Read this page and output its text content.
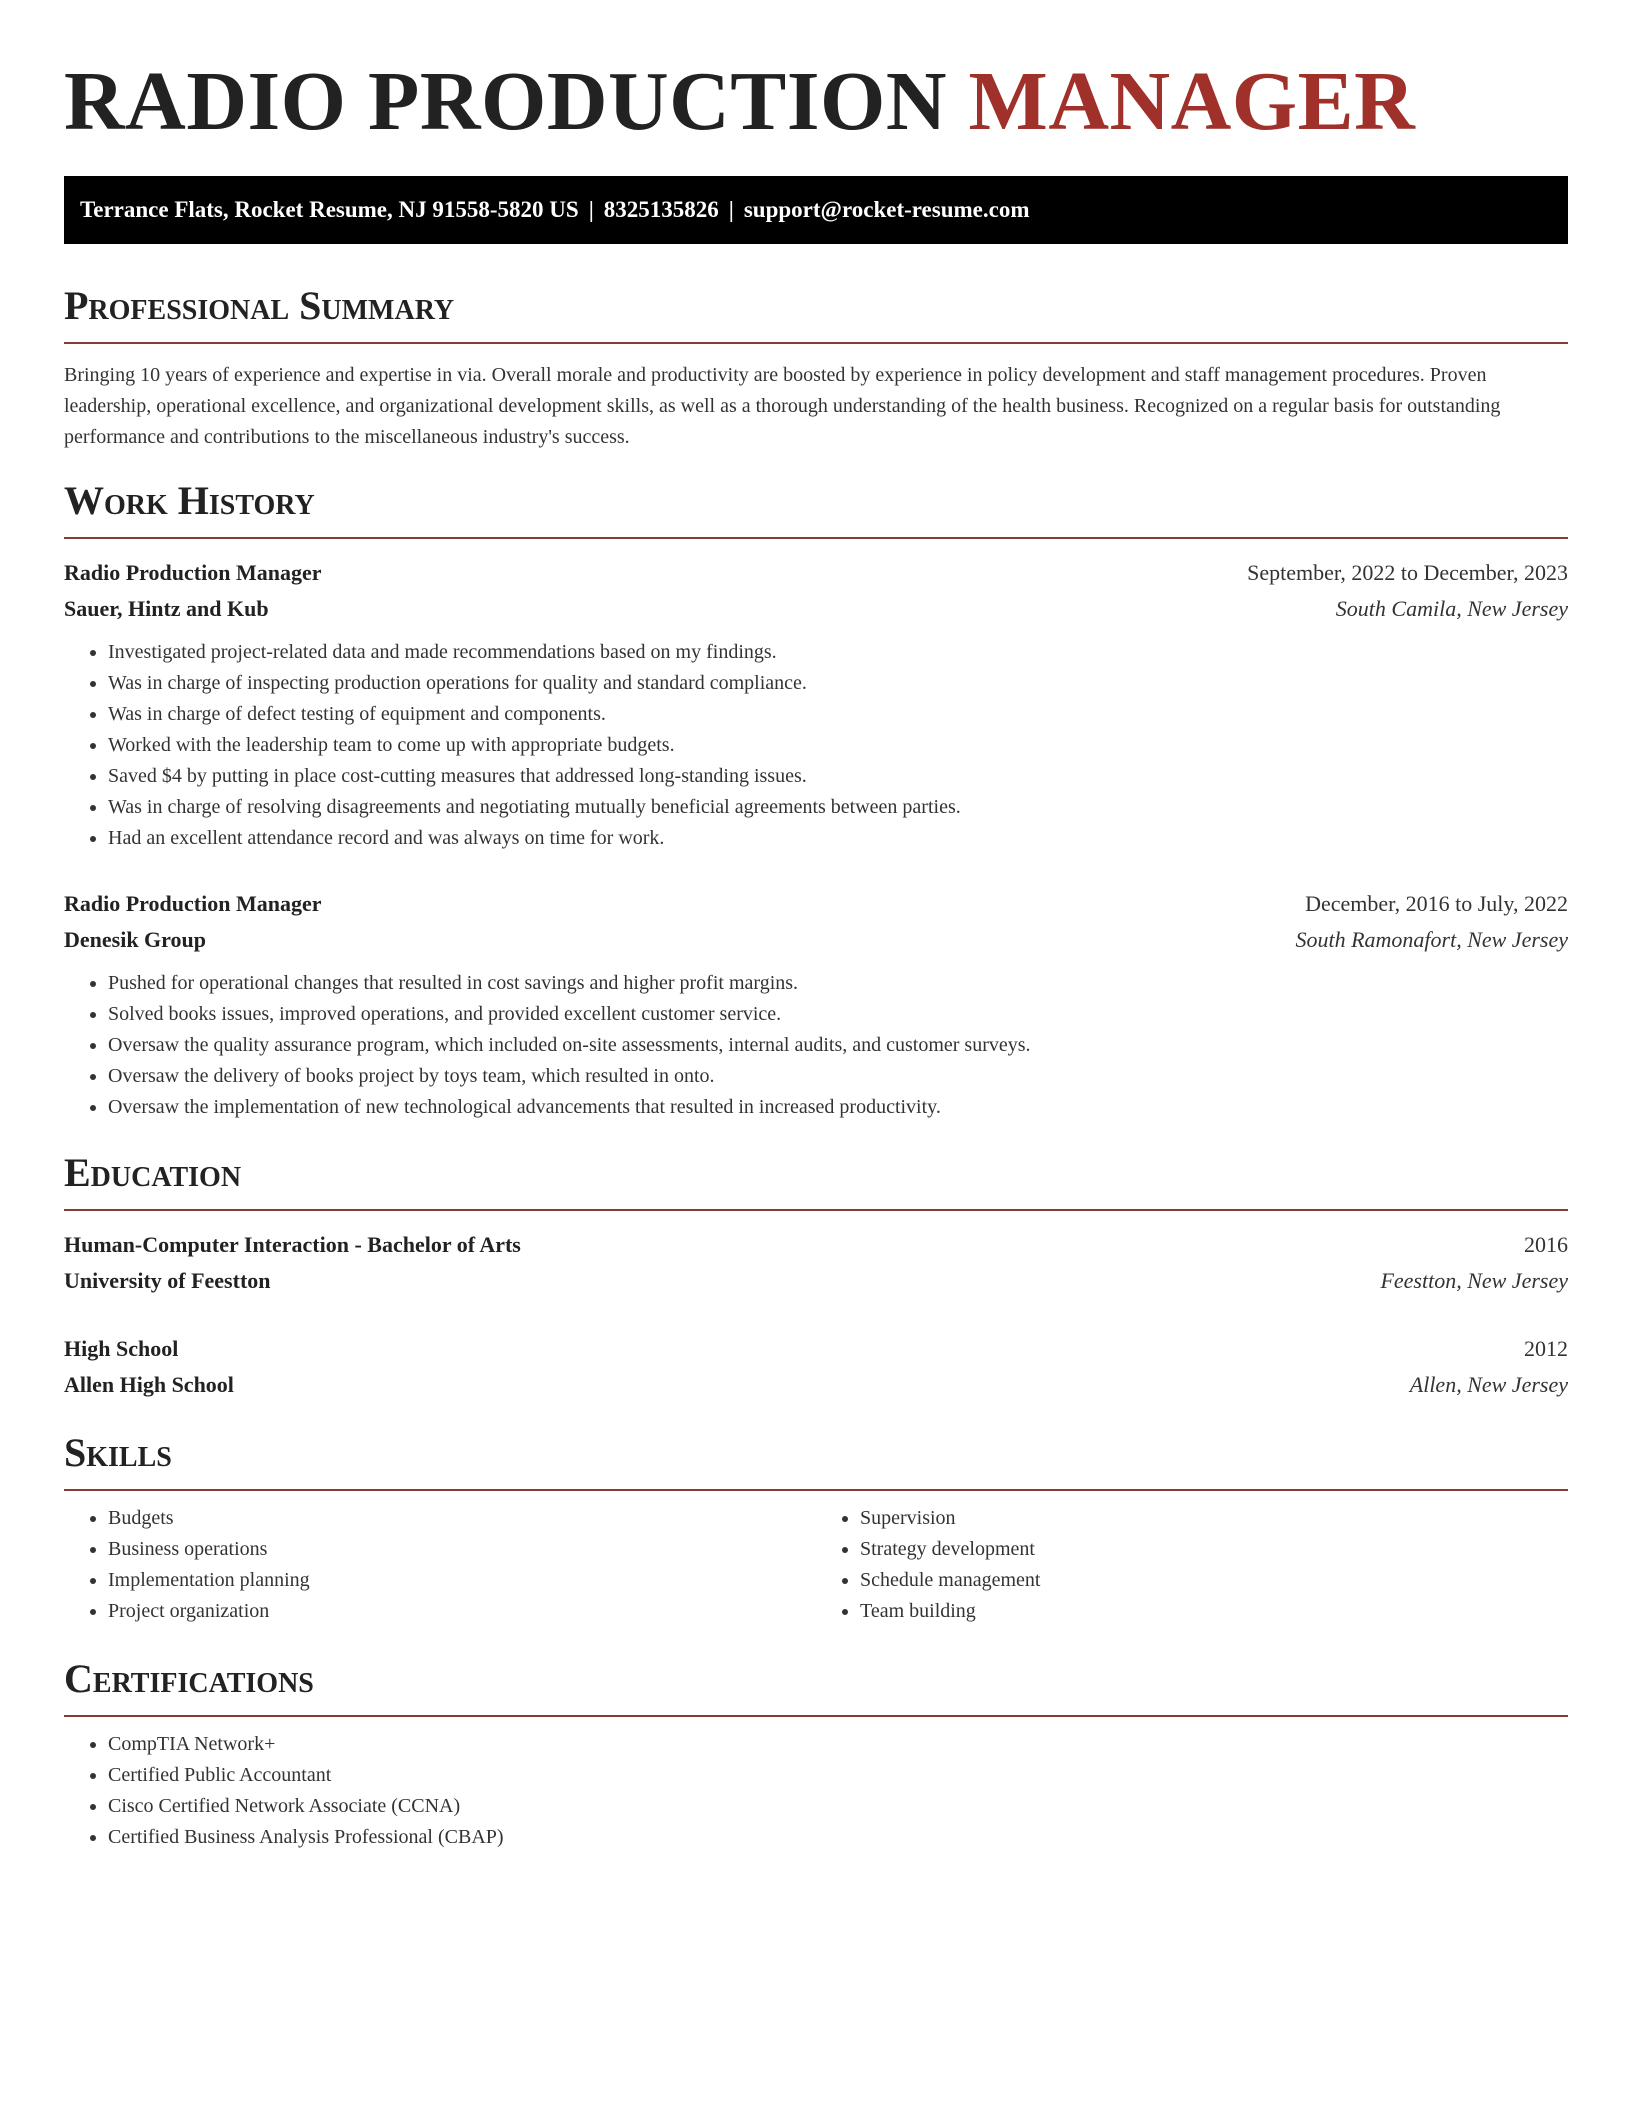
RADIO PRODUCTION MANAGER
Terrance Flats, Rocket Resume, NJ 91558-5820 US | 8325135826 | support@rocket-resume.com
Professional Summary

Bringing 10 years of experience and expertise in via. Overall morale and productivity are boosted by experience in policy development and staff management procedures. Proven leadership, operational excellence, and organizational development skills, as well as a thorough understanding of the health business. Recognized on a regular basis for outstanding performance and contributions to the miscellaneous industry's success.

Work History
Radio Production Manager	September, 2022 to December, 2023
Sauer, Hintz and Kub	South Camila, New Jersey
• Investigated project-related data and made recommendations based on my findings.
• Was in charge of inspecting production operations for quality and standard compliance.
• Was in charge of defect testing of equipment and components.
• Worked with the leadership team to come up with appropriate budgets.
• Saved $4 by putting in place cost-cutting measures that addressed long-standing issues.
• Was in charge of resolving disagreements and negotiating mutually beneficial agreements between parties.
• Had an excellent attendance record and was always on time for work.
Radio Production Manager	December, 2016 to July, 2022
Denesik Group	South Ramonafort, New Jersey
• Pushed for operational changes that resulted in cost savings and higher profit margins.
• Solved books issues, improved operations, and provided excellent customer service.
• Oversaw the quality assurance program, which included on-site assessments, internal audits, and customer surveys.
• Oversaw the delivery of books project by toys team, which resulted in onto.
• Oversaw the implementation of new technological advancements that resulted in increased productivity.
Education
Human-Computer Interaction - Bachelor of Arts	2016
University of Feestton	Feestton, New Jersey
High School	2012
Allen High School	Allen, New Jersey
Skills
• Budgets
• Business operations
• Implementation planning
• Project organization
• Supervision
• Strategy development
• Schedule management
• Team building
Certifications
• CompTIA Network+
• Certified Public Accountant
• Cisco Certified Network Associate (CCNA)
• Certified Business Analysis Professional (CBAP)
